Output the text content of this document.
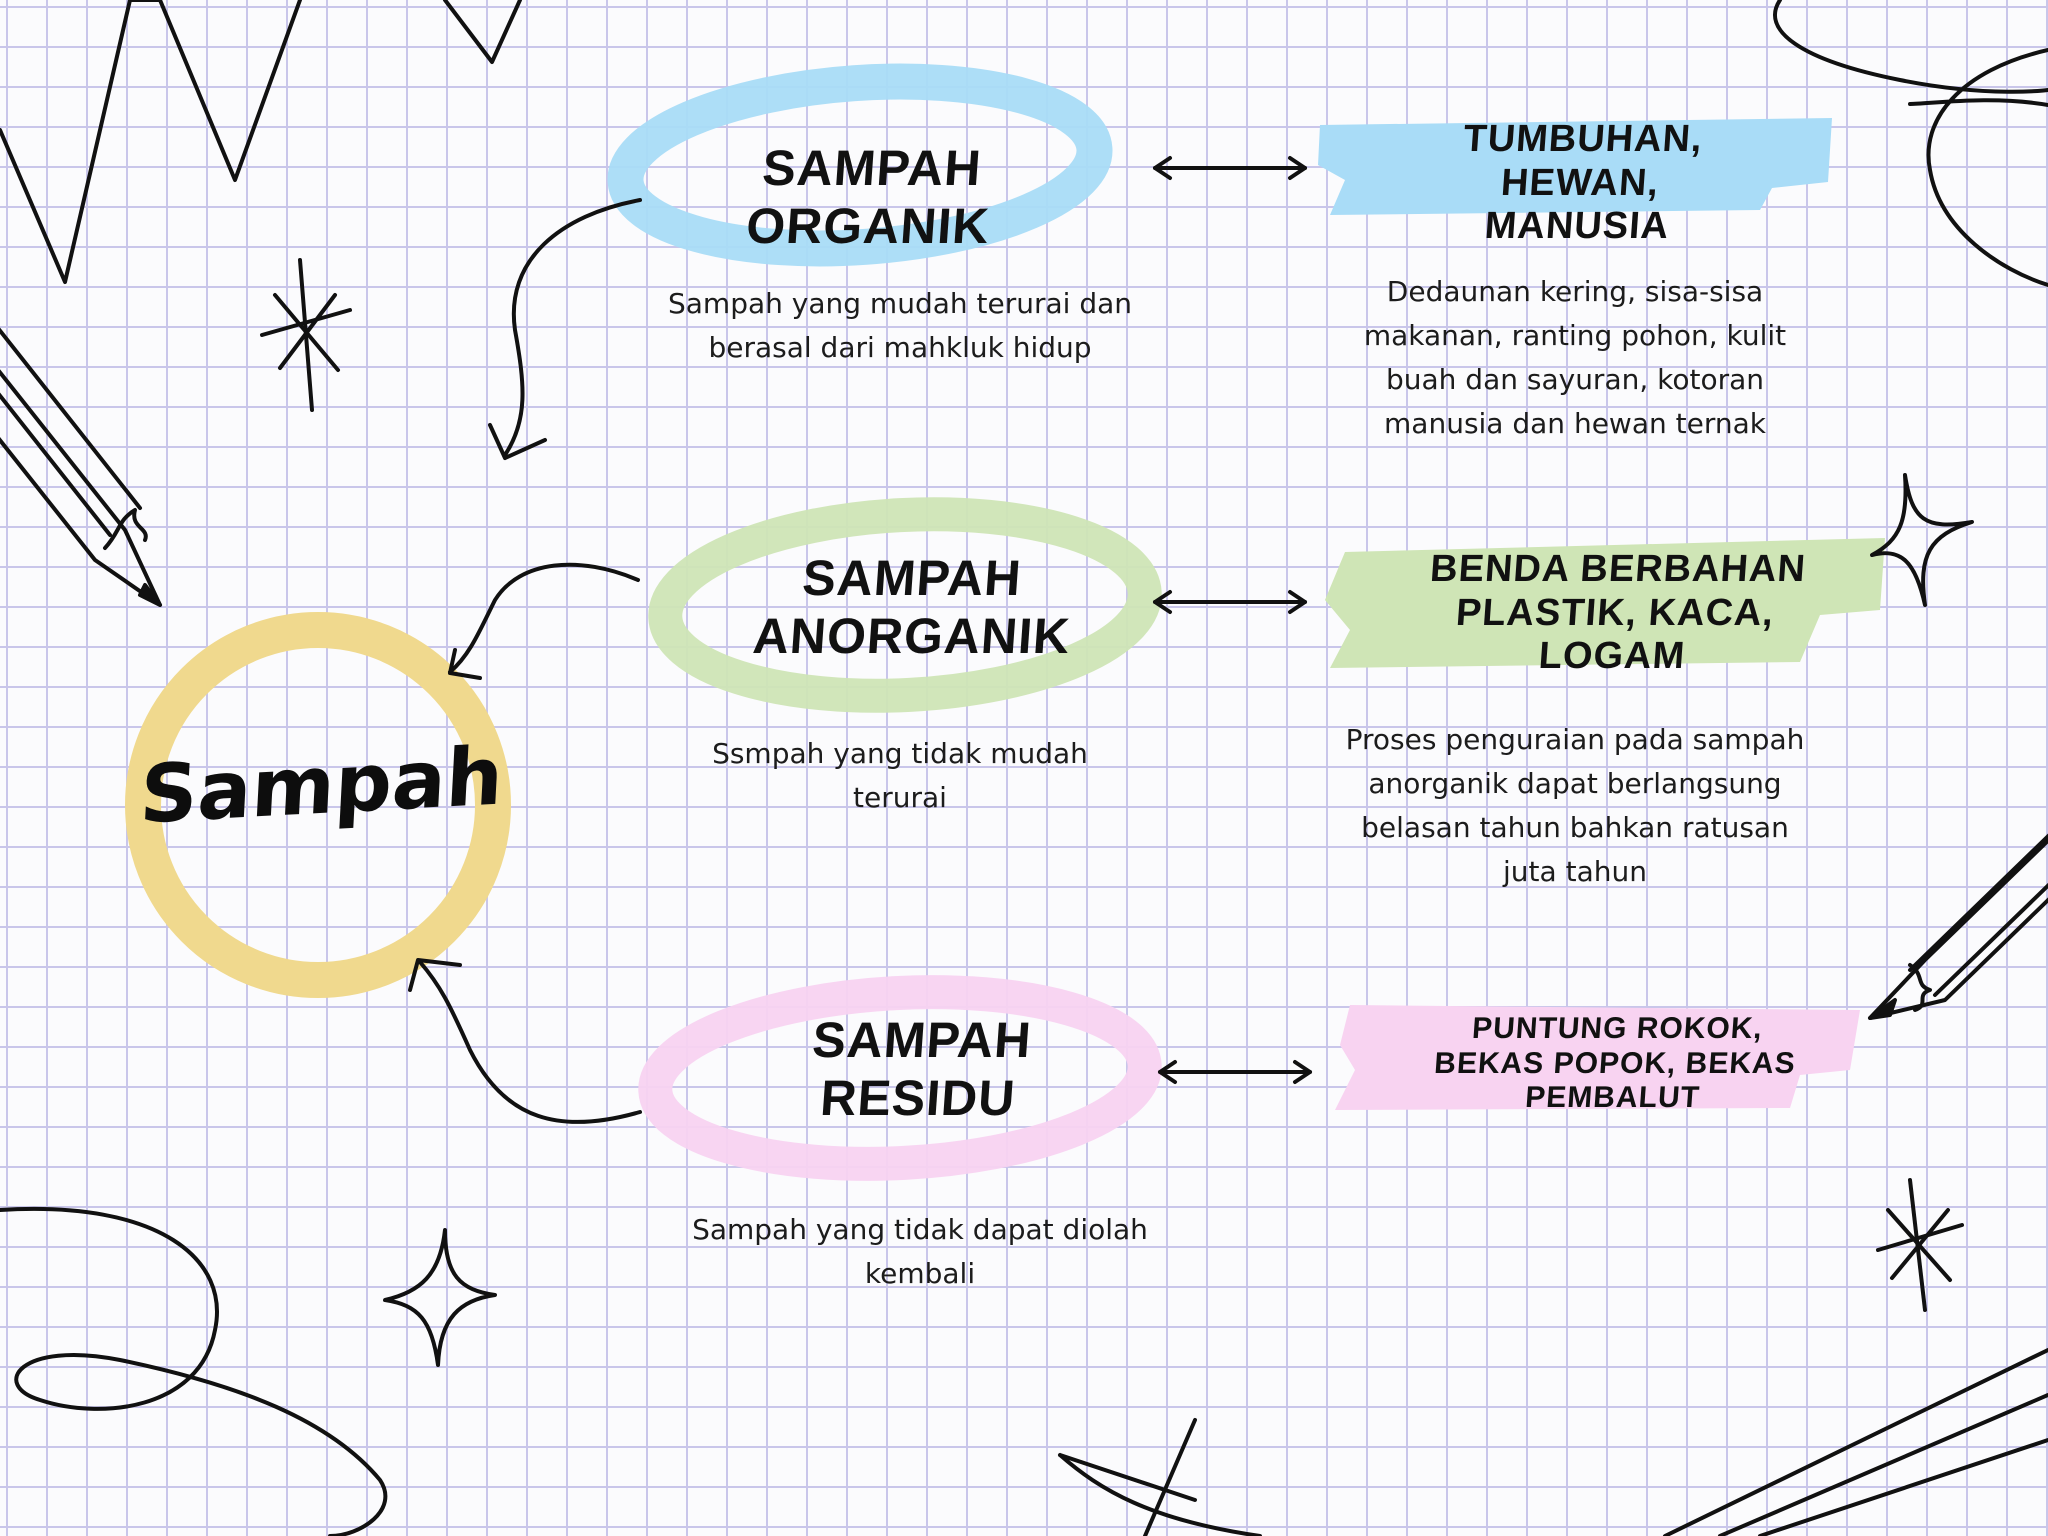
Sampah
SAMPAH ORGANIK
SAMPAH ANORGANIK
SAMPAH RESIDU
Sampah yang mudah terurai dan berasal dari mahkluk hidup
Ssmpah yang tidak mudah terurai
Sampah yang tidak dapat diolah kembali
TUMBUHAN, HEWAN, MANUSIA
BENDA BERBAHAN PLASTIK, KACA, LOGAM
PUNTUNG ROKOK, BEKAS POPOK, BEKAS PEMBALUT
Dedaunan kering, sisa-sisa makanan, ranting pohon, kulit buah dan sayuran, kotoran manusia dan hewan ternak
Proses penguraian pada sampah anorganik dapat berlangsung belasan tahun bahkan ratusan juta tahun
